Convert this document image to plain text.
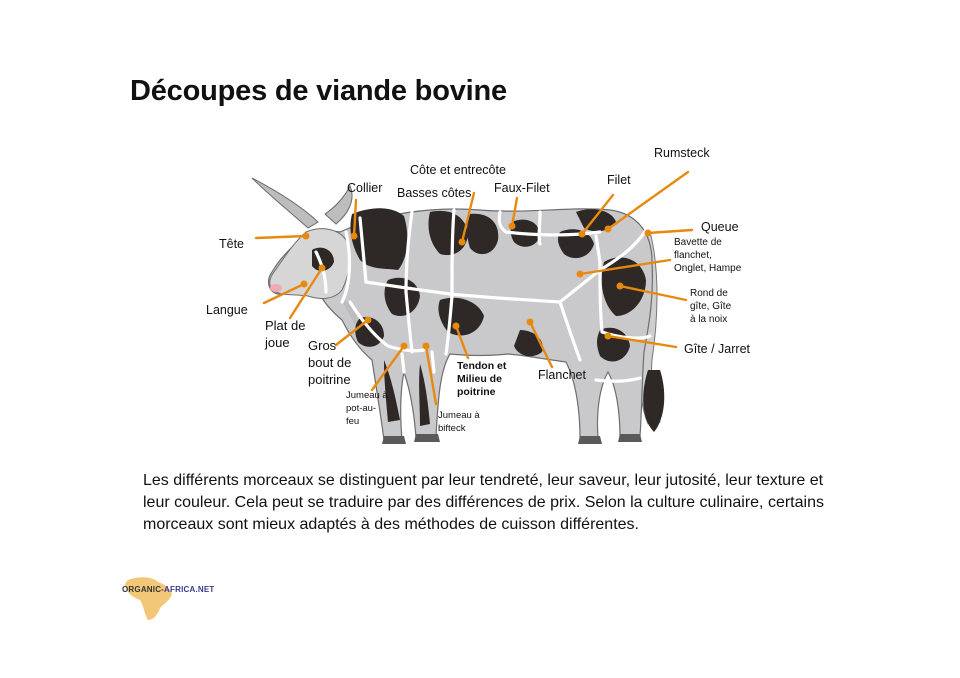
Découpes de viande bovine
Rumsteck
Côte et entrecôte
Collier Basses côtes Faux-Filet
Filet
Queue
Tête	Bavette de
flanchet,
Onglet, Hampe
Rond de
gîte, Gîte
à la noix
Langue
Plat de
joue	Gros
bout de
poitrine
Gîte / Jarret
Tendon et
Milieu de
poitrine
Flanchet
Jumeau à
pot-au-
feu
Jumeau à
bifteck
Les différents morceaux se distinguent par leur tendreté, leur saveur, leur jutosité, leur texture et leur couleur. Cela peut se traduire par des différences de prix. Selon la culture culinaire, certains morceaux sont mieux adaptés à des méthodes de cuisson différentes.
ORGANIC-AFRICA.NET
